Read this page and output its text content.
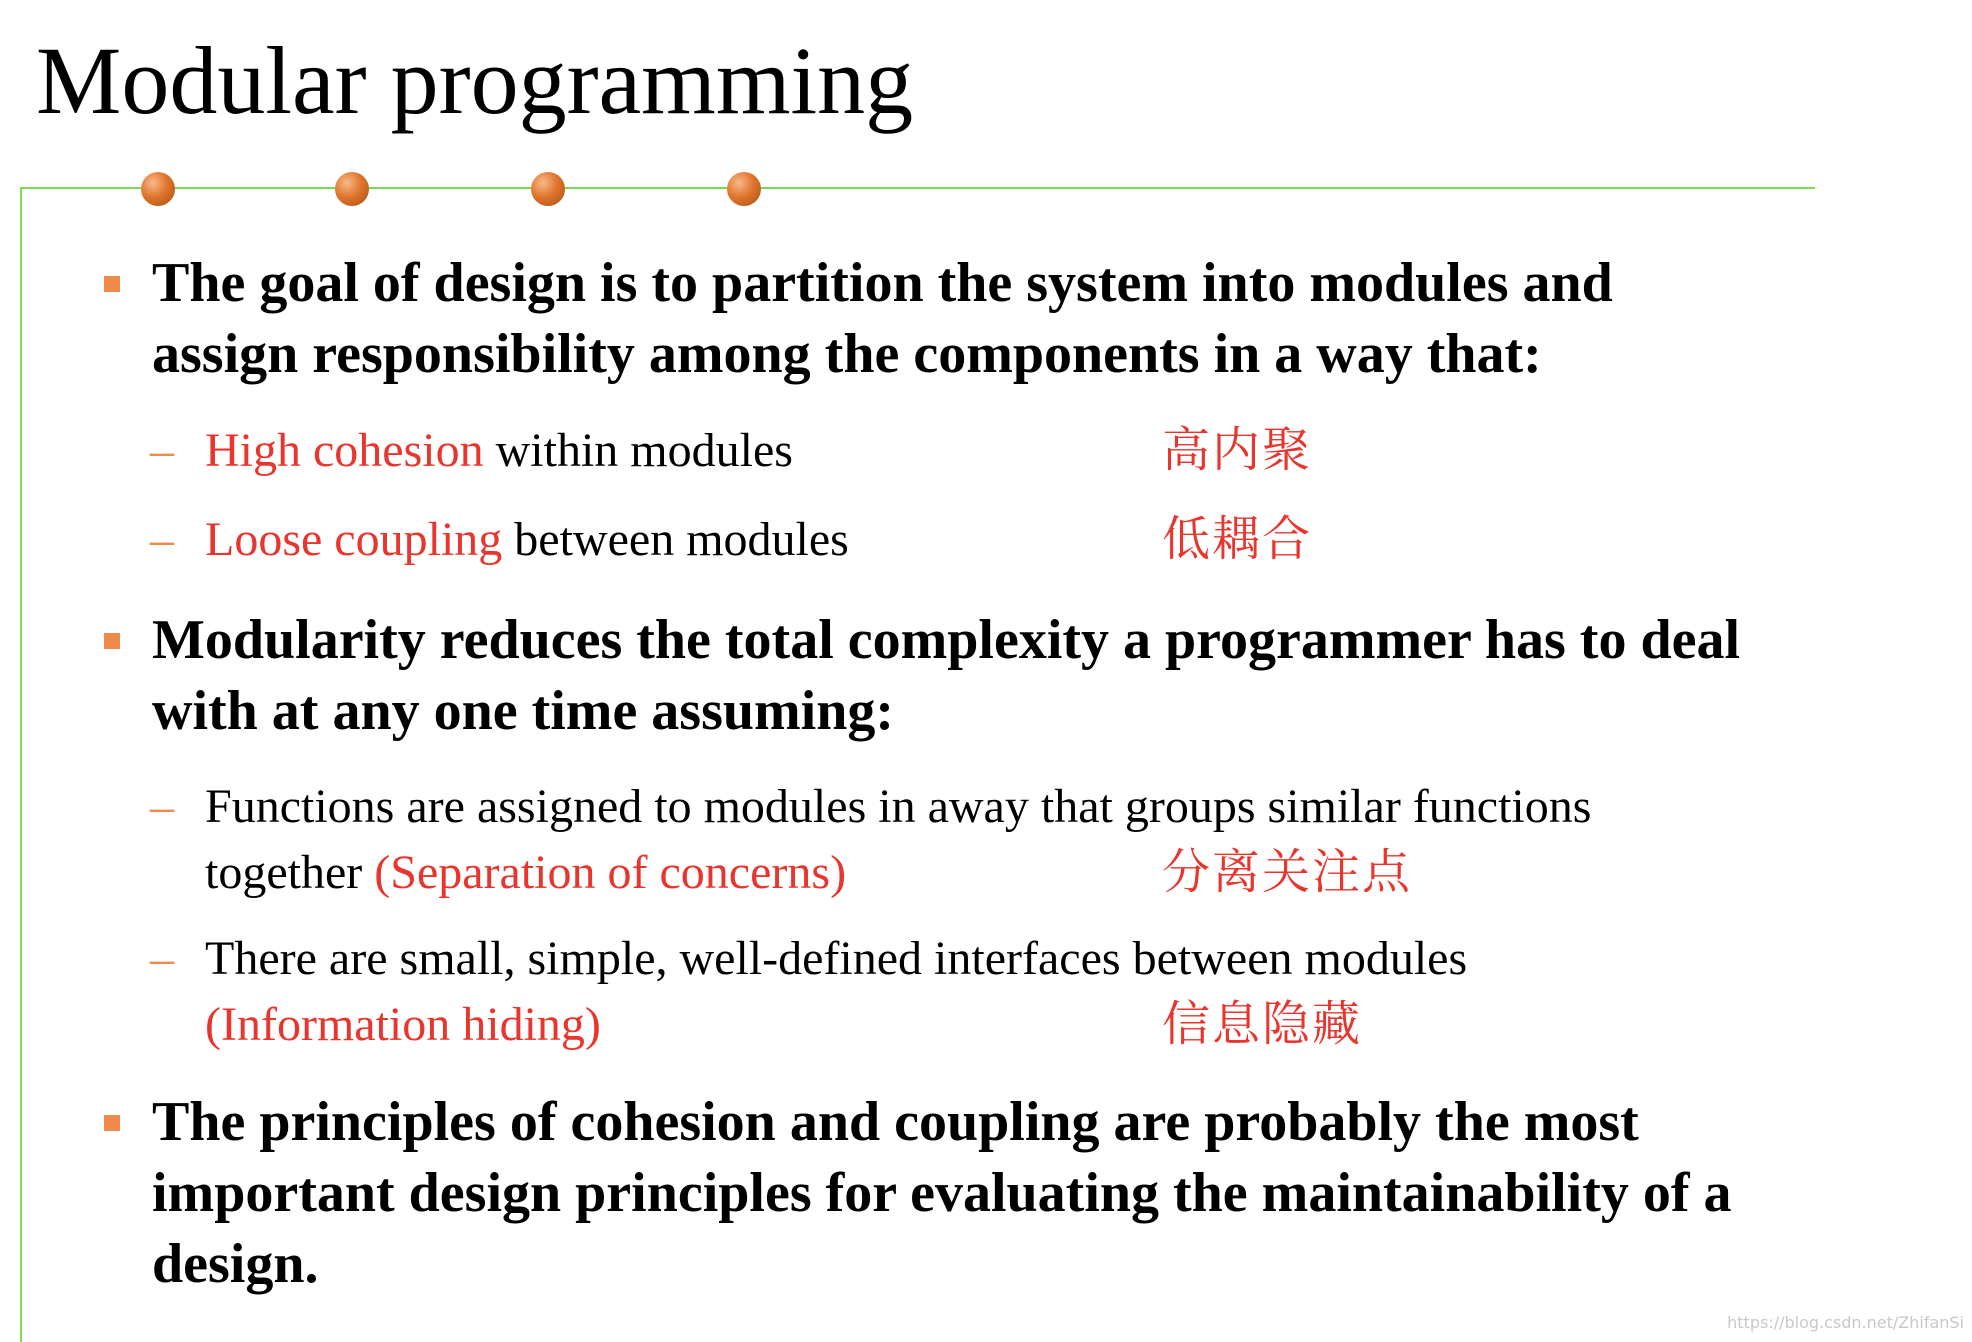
Modular programming
The goal of design is to partition the system into modules and
assign responsibility among the components in a way that:
– High cohesion within modules	高内聚
– Loose coupling between modules	低耦合
Modularity reduces the total complexity a programmer has to deal
with at any one time assuming:
– Functions are assigned to modules in away that groups similar functions
together (Separation of concerns)	分离关注点
– There are small, simple, well-defined interfaces between modules
(Information hiding)	信息隐藏
The principles of cohesion and coupling are probably the most
important design principles for evaluating the maintainability of a
design.
https://blog.csdn.net/ZhifanSi
